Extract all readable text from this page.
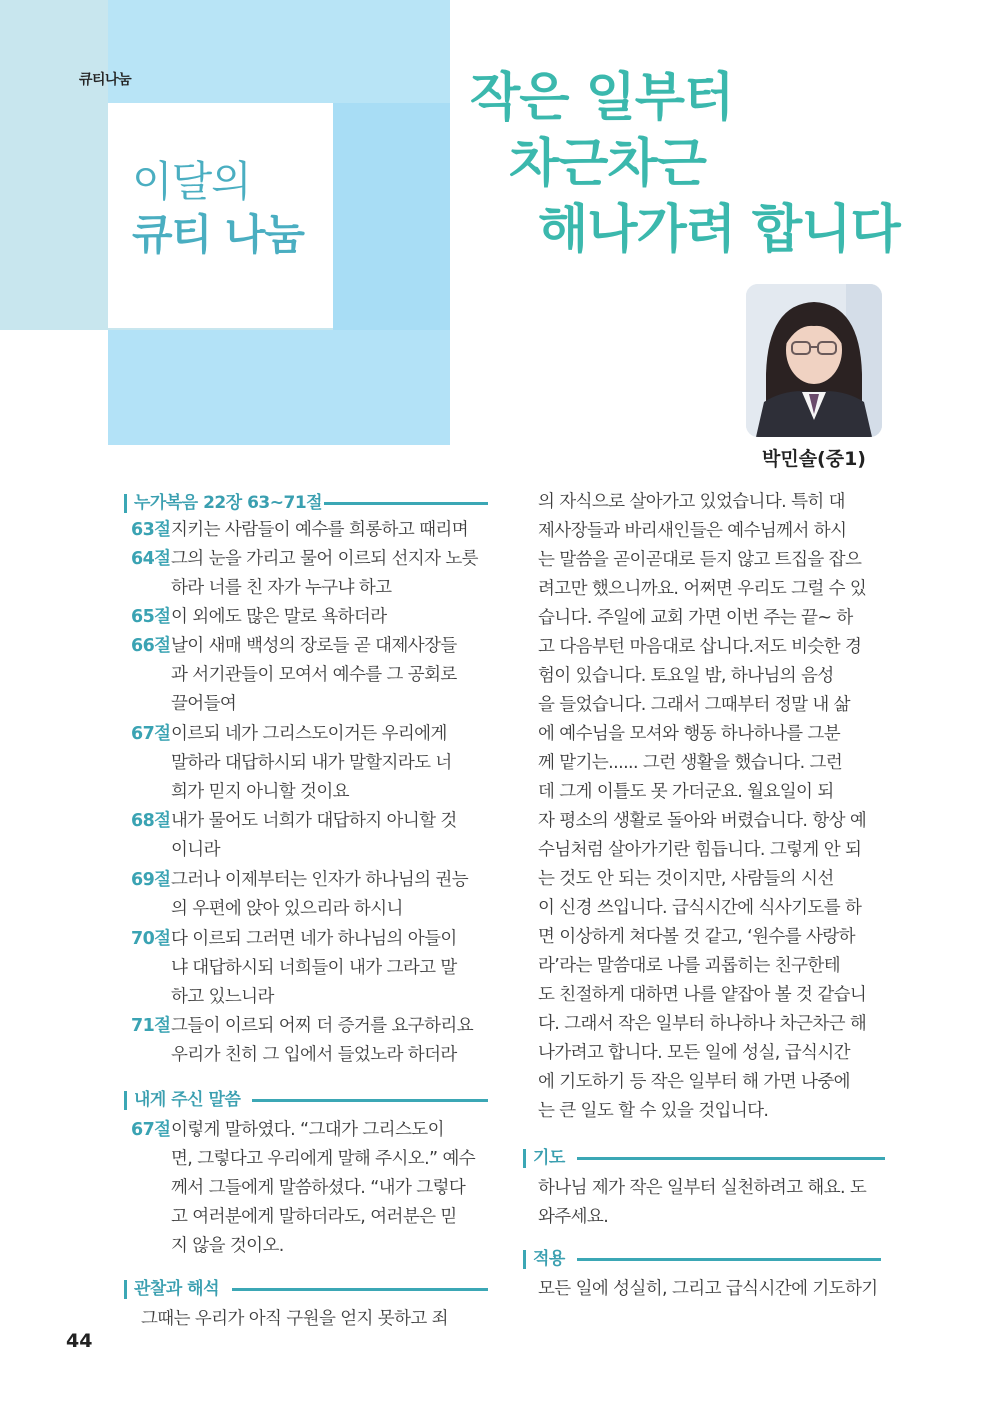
큐티나눔
이달의
큐티 나눔
작은 일부터
차근차근
해나가려 합니다
박민솔(중1)
누가복음 22장 63~71절
63절 지키는 사람들이 예수를 희롱하고 때리며
64절 그의 눈을 가리고 물어 이르되 선지자 노릇
하라 너를 친 자가 누구냐 하고
65절 이 외에도 많은 말로 욕하더라
66절 날이 새매 백성의 장로들 곧 대제사장들
과 서기관들이 모여서 예수를 그 공회로
끌어들여
67절 이르되 네가 그리스도이거든 우리에게
말하라 대답하시되 내가 말할지라도 너
희가 믿지 아니할 것이요
68절 내가 물어도 너희가 대답하지 아니할 것
이니라
69절 그러나 이제부터는 인자가 하나님의 권능
의 우편에 앉아 있으리라 하시니
70절 다 이르되 그러면 네가 하나님의 아들이
냐 대답하시되 너희들이 내가 그라고 말
하고 있느니라
71절 그들이 이르되 어찌 더 증거를 요구하리요
우리가 친히 그 입에서 들었노라 하더라
내게 주신 말씀
67절 이렇게 말하였다. “그대가 그리스도이
면, 그렇다고 우리에게 말해 주시오.” 예수
께서 그들에게 말씀하셨다. “내가 그렇다
고 여러분에게 말하더라도, 여러분은 믿
지 않을 것이오.
관찰과 해석
그때는 우리가 아직 구원을 얻지 못하고 죄
의 자식으로 살아가고 있었습니다. 특히 대
제사장들과 바리새인들은 예수님께서 하시
는 말씀을 곧이곧대로 듣지 않고 트집을 잡으
려고만 했으니까요. 어쩌면 우리도 그럴 수 있
습니다. 주일에 교회 가면 이번 주는 끝~ 하
고 다음부턴 마음대로 삽니다.저도 비슷한 경
험이 있습니다. 토요일 밤, 하나님의 음성
을 들었습니다. 그래서 그때부터 정말 내 삶
에 예수님을 모셔와 행동 하나하나를 그분
께 맡기는...... 그런 생활을 했습니다. 그런
데 그게 이틀도 못 가더군요. 월요일이 되
자 평소의 생활로 돌아와 버렸습니다. 항상 예
수님처럼 살아가기란 힘듭니다. 그렇게 안 되
는 것도 안 되는 것이지만, 사람들의 시선
이 신경 쓰입니다. 급식시간에 식사기도를 하
면 이상하게 쳐다볼 것 같고, ‘원수를 사랑하
라’라는 말씀대로 나를 괴롭히는 친구한테
도 친절하게 대하면 나를 얕잡아 볼 것 같습니
다. 그래서 작은 일부터 하나하나 차근차근 해
나가려고 합니다. 모든 일에 성실, 급식시간
에 기도하기 등 작은 일부터 해 가면 나중에
는 큰 일도 할 수 있을 것입니다.
기도
하나님 제가 작은 일부터 실천하려고 해요. 도
와주세요.
적용
모든 일에 성실히, 그리고 급식시간에 기도하기
44
